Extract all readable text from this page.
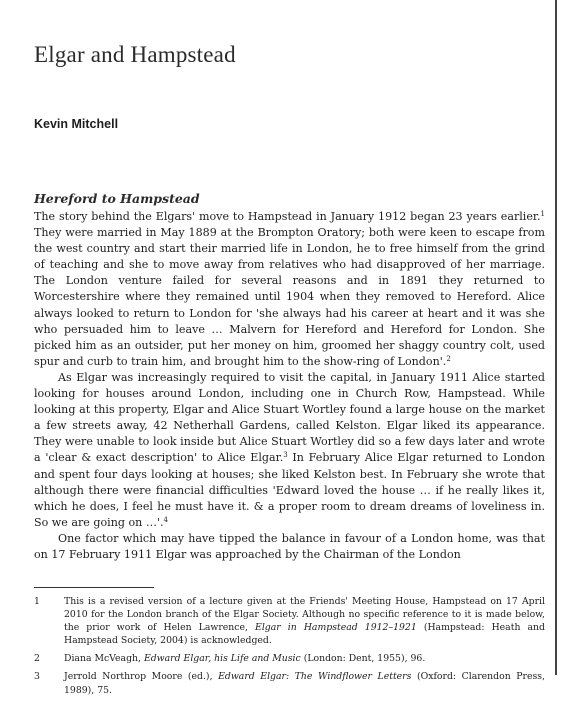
Elgar and Hampstead
Kevin Mitchell
Hereford to Hampstead

The story behind the Elgars' move to Hampstead in January 1912 began 23 years earlier.$^1$ They were married in May 1889 at the Brompton Oratory; both were keen to escape from the west country and start their married life in London, he to free himself from the grind of teaching and she to move away from relatives who had disapproved of her marriage. The London venture failed for several reasons and in 1891 they returned to Worcestershire where they remained until 1904 when they removed to Hereford. Alice always looked to return to London for 'she always had his career at heart and it was she who persuaded him to leave … Malvern for Hereford and Hereford for London. She picked him as an outsider, put her money on him, groomed her shaggy country colt, used spur and curb to train him, and brought him to the show-ring of London'.$^2$

As Elgar was increasingly required to visit the capital, in January 1911 Alice started looking for houses around London, including one in Church Row, Hampstead. While looking at this property, Elgar and Alice Stuart Wortley found a large house on the market a few streets away, 42 Netherhall Gardens, called Kelston. Elgar liked its appearance. They were unable to look inside but Alice Stuart Wortley did so a few days later and wrote a 'clear & exact description' to Alice Elgar.$^3$ In February Alice Elgar returned to London and spent four days looking at houses; she liked Kelston best. In February she wrote that although there were financial difficulties 'Edward loved the house … if he really likes it, which he does, I feel he must have it. & a proper room to dream dreams of loveliness in. So we are going on …'.$^4$

One factor which may have tipped the balance in favour of a London home, was that on 17 February 1911 Elgar was approached by the Chairman of the London

1	This is a revised version of a lecture given at the Friends' Meeting House, Hampstead on 17 April 2010 for the London branch of the Elgar Society. Although no specific reference to it is made below, the prior work of Helen Lawrence, Elgar in Hampstead 1912–1921 (Hampstead: Heath and Hampstead Society, 2004) is acknowledged.
2	Diana McVeagh, Edward Elgar, his Life and Music (London: Dent, 1955), 96.
3	Jerrold Northrop Moore (ed.), Edward Elgar: The Windflower Letters (Oxford: Clarendon Press, 1989), 75.
